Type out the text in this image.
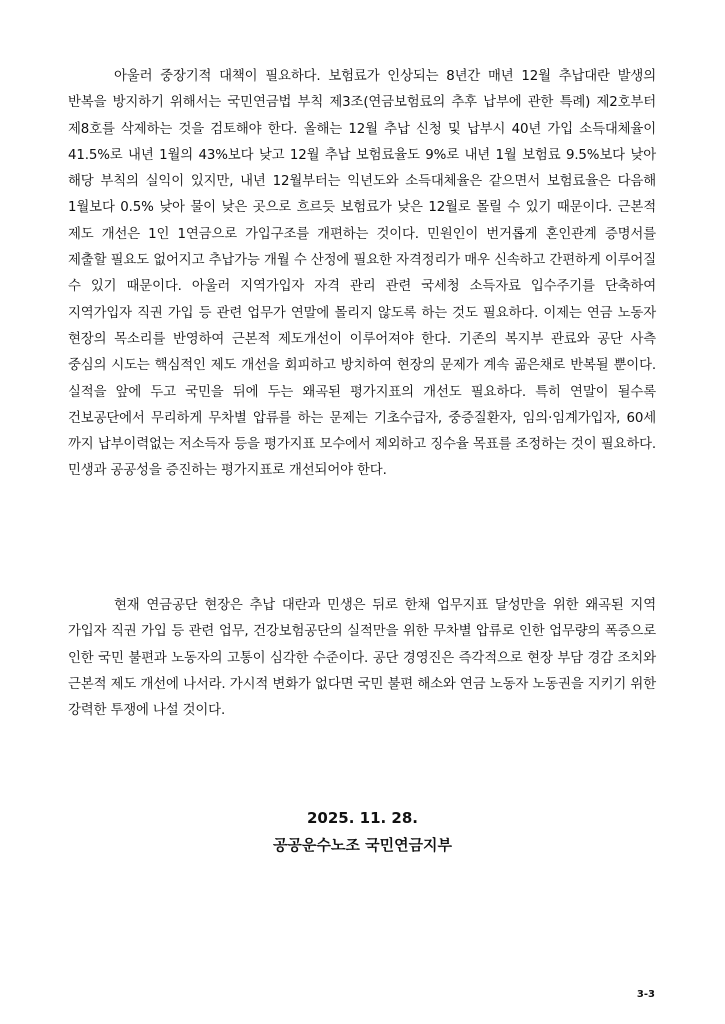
아울러 중장기적 대책이 필요하다. 보험료가 인상되는 8년간 매년 12월 추납대란 발생의 반복을 방지하기 위해서는 국민연금법 부칙 제3조(연금보험료의 추후 납부에 관한 특례) 제2호부터 제8호를 삭제하는 것을 검토해야 한다. 올해는 12월 추납 신청 및 납부시 40년 가입 소득대체율이 41.5%로 내년 1월의 43%보다 낮고 12월 추납 보험료율도 9%로 내년 1월 보험료 9.5%보다 낮아 해당 부칙의 실익이 있지만, 내년 12월부터는 익년도와 소득대체율은 같으면서 보험료율은 다음해 1월보다 0.5% 낮아 물이 낮은 곳으로 흐르듯 보험료가 낮은 12월로 몰릴 수 있기 때문이다. 근본적 제도 개선은 1인 1연금으로 가입구조를 개편하는 것이다. 민원인이 번거롭게 혼인관계 증명서를 제출할 필요도 없어지고 추납가능 개월 수 산정에 필요한 자격정리가 매우 신속하고 간편하게 이루어질 수 있기 때문이다. 아울러 지역가입자 자격 관리 관련 국세청 소득자료 입수주기를 단축하여 지역가입자 직권 가입 등 관련 업무가 연말에 몰리지 않도록 하는 것도 필요하다. 이제는 연금 노동자 현장의 목소리를 반영하여 근본적 제도개선이 이루어져야 한다. 기존의 복지부 관료와 공단 사측 중심의 시도는 핵심적인 제도 개선을 회피하고 방치하여 현장의 문제가 계속 곪은채로 반복될 뿐이다. 실적을 앞에 두고 국민을 뒤에 두는 왜곡된 평가지표의 개선도 필요하다. 특히 연말이 될수록 건보공단에서 무리하게 무차별 압류를 하는 문제는 기초수급자, 중증질환자, 임의·임계가입자, 60세 까지 납부이력없는 저소득자 등을 평가지표 모수에서 제외하고 징수율 목표를 조정하는 것이 필요하다. 민생과 공공성을 증진하는 평가지표로 개선되어야 한다.

현재 연금공단 현장은 추납 대란과 민생은 뒤로 한채 업무지표 달성만을 위한 왜곡된 지역 가입자 직권 가입 등 관련 업무, 건강보험공단의 실적만을 위한 무차별 압류로 인한 업무량의 폭증으로 인한 국민 불편과 노동자의 고통이 심각한 수준이다. 공단 경영진은 즉각적으로 현장 부담 경감 조치와 근본적 제도 개선에 나서라. 가시적 변화가 없다면 국민 불편 해소와 연금 노동자 노동권을 지키기 위한 강력한 투쟁에 나설 것이다.

2025. 11. 28.
공공운수노조 국민연금지부
3-3
